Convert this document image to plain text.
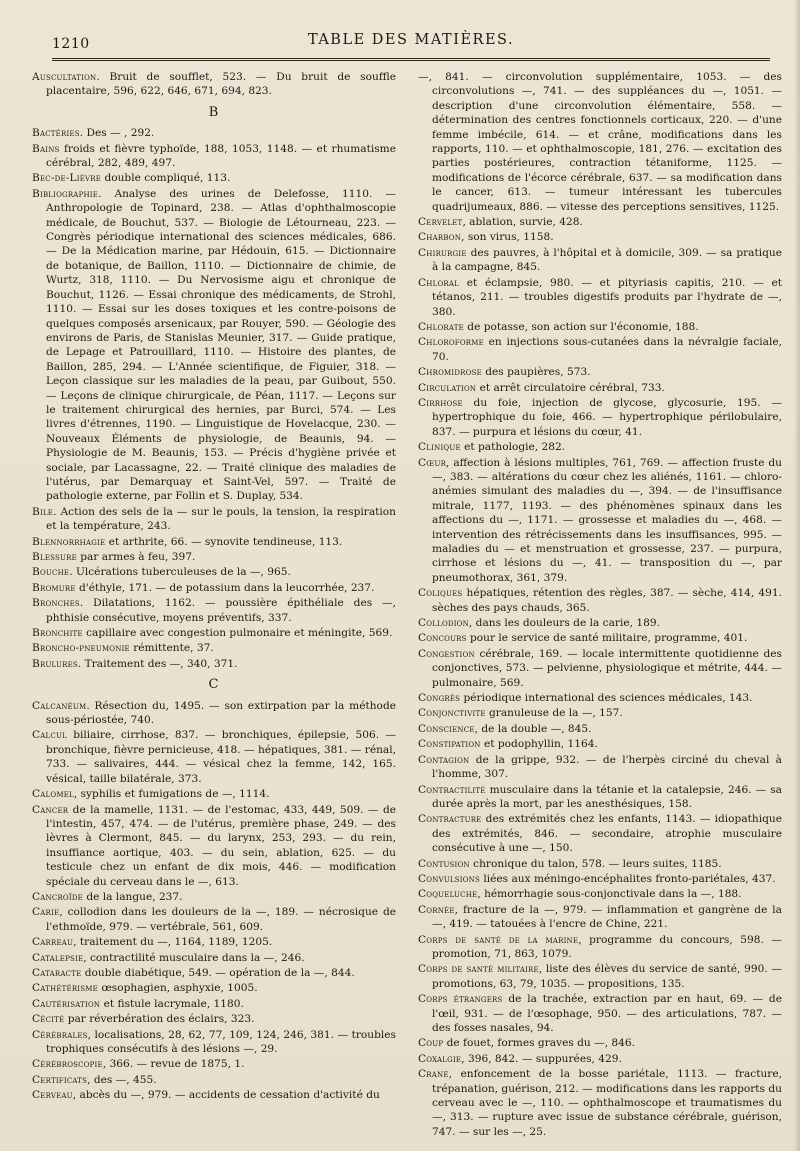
1210	TABLE DES MATIÈRES.

Auscultation. Bruit de soufflet, 523. — Du bruit de souffle placentaire, 596, 622, 646, 671, 694, 823.

B

Bactéries. Des — , 292.

Bains froids et fièvre typhoïde, 188, 1053, 1148. — et rhumatisme cérébral, 282, 489, 497.

Bec-de-Lièvre double compliqué, 113.

Bibliographie. Analyse des urines de Delefosse, 1110. — Anthropologie de Topinard, 238. — Atlas d'ophthalmoscopie médicale, de Bouchut, 537. — Biologie de Létourneau, 223. — Congrès périodique international des sciences médicales, 686. — De la Médication marine, par Hédouin, 615. — Dictionnaire de botanique, de Baillon, 1110. — Dictionnaire de chimie, de Wurtz, 318, 1110. — Du Nervosisme aigu et chronique de Bouchut, 1126. — Essai chronique des médicaments, de Strohl, 1110. — Essai sur les doses toxiques et les contre-poisons de quelques composés arsenicaux, par Rouyer, 590. — Géologie des environs de Paris, de Stanislas Meunier, 317. — Guide pratique, de Lepage et Patrouillard, 1110. — Histoire des plantes, de Baillon, 285, 294. — L'Année scientifique, de Figuier, 318. — Leçon classique sur les maladies de la peau, par Guibout, 550. — Leçons de clinique chirurgicale, de Péan, 1117. — Leçons sur le traitement chirurgical des hernies, par Burci, 574. — Les livres d'étrennes, 1190. — Linguistique de Hovelacque, 230. — Nouveaux Éléments de physiologie, de Beaunis, 94. — Physiologie de M. Beaunis, 153. — Précis d'hygiène privée et sociale, par Lacassagne, 22. — Traité clinique des maladies de l'utérus, par Demarquay et Saint-Vel, 597. — Traité de pathologie externe, par Follin et S. Duplay, 534.

Bile. Action des sels de la — sur le pouls, la tension, la respiration et la température, 243.

Blennorrhagie et arthrite, 66. — synovite tendineuse, 113.

Blessure par armes à feu, 397.

Bouche. Ulcérations tuberculeuses de la —, 965.

Bromure d'éthyle, 171. — de potassium dans la leucorrhée, 237.

Bronches. Dilatations, 1162. — poussière épithéliale des —, phthisie consécutive, moyens préventifs, 337.

Bronchite capillaire avec congestion pulmonaire et méningite, 569.

Broncho-pneumonie rémittente, 37.

Brulures. Traitement des —, 340, 371.

C

Calcanéum. Résection du, 1495. — son extirpation par la méthode sous-périostée, 740.

Calcul biliaire, cirrhose, 837. — bronchiques, épilepsie, 506. — bronchique, fièvre pernicieuse, 418. — hépatiques, 381. — rénal, 733. — salivaires, 444. — vésical chez la femme, 142, 165. vésical, taille bilatérale, 373.

Calomel, syphilis et fumigations de —, 1114.

Cancer de la mamelle, 1131. — de l'estomac, 433, 449, 509. — de l'intestin, 457, 474. — de l'utérus, première phase, 249. — des lèvres à Clermont, 845. — du larynx, 253, 293. — du rein, insuffiance aortique, 403. — du sein, ablation, 625. — du testicule chez un enfant de dix mois, 446. — modification spéciale du cerveau dans le —, 613.

Cancroïde de la langue, 237.

Carie, collodion dans les douleurs de la —, 189. — nécrosique de l'ethmoïde, 979. — vertébrale, 561, 609.

Carreau, traitement du —, 1164, 1189, 1205.

Catalepsie, contractilité musculaire dans la —, 246.

Cataracte double diabétique, 549. — opération de la —, 844.

Cathétérisme œsophagien, asphyxie, 1005.

Cautérisation et fistule lacrymale, 1180.

Cécité par réverbération des éclairs, 323.

Cérébrales, localisations, 28, 62, 77, 109, 124, 246, 381. — troubles trophiques consécutifs à des lésions —, 29.

Cérébroscopie, 366. — revue de 1875, 1.

Certificats, des —, 455.

Cerveau, abcès du —, 979. — accidents de cessation d'activité du

—, 841. — circonvolution supplémentaire, 1053. — des circonvolutions —, 741. — des suppléances du —, 1051. — description d'une circonvolution élémentaire, 558. — détermination des centres fonctionnels corticaux, 220. — d'une femme imbécile, 614. — et crâne, modifications dans les rapports, 110. — et ophthalmoscopie, 181, 276. — excitation des parties postérieures, contraction tétaniforme, 1125. — modifications de l'écorce cérébrale, 637. — sa modification dans le cancer, 613. — tumeur intéressant les tubercules quadrijumeaux, 886. — vitesse des perceptions sensitives, 1125.

Cervelet, ablation, survie, 428.

Charbon, son virus, 1158.

Chirurgie des pauvres, à l'hôpital et à domicile, 309. — sa pratique à la campagne, 845.

Chloral et éclampsie, 980. — et pityriasis capitis, 210. — et tétanos, 211. — troubles digestifs produits par l'hydrate de —, 380.

Chlorate de potasse, son action sur l'économie, 188.

Chloroforme en injections sous-cutanées dans la névralgie faciale, 70.

Chromidrose des paupières, 573.

Circulation et arrêt circulatoire cérébral, 733.

Cirrhose du foie, injection de glycose, glycosurie, 195. — hypertrophique du foie, 466. — hypertrophique périlobulaire, 837. — purpura et lésions du cœur, 41.

Clinique et pathologie, 282.

Cœur, affection à lésions multiples, 761, 769. — affection fruste du —, 383. — altérations du cœur chez les aliénés, 1161. — chloro-anémies simulant des maladies du —, 394. — de l'insuffisance mitrale, 1177, 1193. — des phénomènes spinaux dans les affections du —, 1171. — grossesse et maladies du —, 468. — intervention des rétrécissements dans les insuffisances, 995. — maladies du — et menstruation et grossesse, 237. — purpura, cirrhose et lésions du —, 41. — transposition du —, par pneumothorax, 361, 379.

Coliques hépatiques, rétention des règles, 387. — sèche, 414, 491. sèches des pays chauds, 365.

Collodion, dans les douleurs de la carie, 189.

Concours pour le service de santé militaire, programme, 401.

Congestion cérébrale, 169. — locale intermittente quotidienne des conjonctives, 573. — pelvienne, physiologique et métrite, 444. — pulmonaire, 569.

Congrès périodique international des sciences médicales, 143.

Conjonctivite granuleuse de la —, 157.

Conscience, de la double —, 845.

Constipation et podophyllin, 1164.

Contagion de la grippe, 932. — de l'herpès circiné du cheval à l'homme, 307.

Contractilité musculaire dans la tétanie et la catalepsie, 246. — sa durée après la mort, par les anesthésiques, 158.

Contracture des extrémités chez les enfants, 1143. — idiopathique des extrémités, 846. — secondaire, atrophie musculaire consécutive à une —, 150.

Contusion chronique du talon, 578. — leurs suites, 1185.

Convulsions liées aux méningo-encéphalites fronto-pariétales, 437.

Coqueluche, hémorrhagie sous-conjonctivale dans la —, 188.

Cornée, fracture de la —, 979. — inflammation et gangrène de la —, 419. — tatouées à l'encre de Chine, 221.

Corps de santé de la marine, programme du concours, 598. — promotion, 71, 863, 1079.

Corps de santé militaire, liste des élèves du service de santé, 990. — promotions, 63, 79, 1035. — propositions, 135.

Corps étrangers de la trachée, extraction par en haut, 69. — de l'œil, 931. — de l'œsophage, 950. — des articulations, 787. — des fosses nasales, 94.

Coup de fouet, formes graves du —, 846.

Coxalgie, 396, 842. — suppurées, 429.

Crane, enfoncement de la bosse pariétale, 1113. — fracture, trépanation, guérison, 212. — modifications dans les rapports du cerveau avec le —, 110. — ophthalmoscope et traumatismes du —, 313. — rupture avec issue de substance cérébrale, guérison, 747. — sur les —, 25.
